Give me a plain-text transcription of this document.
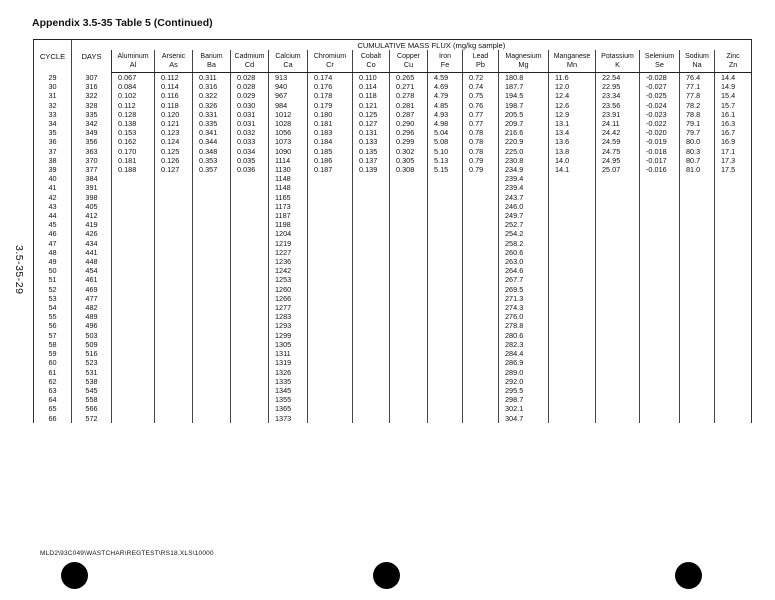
Appendix 3.5-35 Table 5 (Continued)
3.5-35-29

CYCLE	DAYS	CUMULATIVE MASS FLUX (mg/kg sample)															
		Aluminum	Arsenic	Barium	Cadmium	Calcium	Chromium	Cobalt	Copper	Iron	Lead	Magnesium	Manganese	Potassium	Selenium	Sodium	Zinc
		Al	As	Ba	Cd	Ca	Cr	Co	Cu	Fe	Pb	Mg	Mn	K	Se	Na	Zn
29	307	0.067	0.112	0.311	0.028	913	0.174	0.110	0.265	4.59	0.72	180.8	11.6	22.54	-0.028	76.4	14.4
30	316	0.084	0.114	0.316	0.028	940	0.176	0.114	0.271	4.69	0.74	187.7	12.0	22.95	-0.027	77.1	14.9
31	322	0.102	0.116	0.322	0.029	967	0.178	0.118	0.278	4.79	0.75	194.5	12.4	23.34	-0.025	77.8	15.4
32	328	0.112	0.118	0.326	0.030	984	0.179	0.121	0.281	4.85	0.76	198.7	12.6	23.56	-0.024	78.2	15.7
33	335	0.128	0.120	0.331	0.031	1012	0.180	0.125	0.287	4.93	0.77	205.5	12.9	23.91	-0.023	78.8	16.1
34	342	0.138	0.121	0.335	0.031	1028	0.181	0.127	0.290	4.98	0.77	209.7	13.1	24.11	-0.022	79.1	16.3
35	349	0.153	0.123	0.341	0.032	1056	0.183	0.131	0.296	5.04	0.78	216.6	13.4	24.42	-0.020	79.7	16.7
36	356	0.162	0.124	0.344	0.033	1073	0.184	0.133	0.299	5.08	0.78	220.9	13.6	24.59	-0.019	80.0	16.9
37	363	0.170	0.125	0.348	0.034	1090	0.185	0.135	0.302	5.10	0.78	225.0	13.8	24.75	-0.018	80.3	17.1
38	370	0.181	0.126	0.353	0.035	1114	0.186	0.137	0.305	5.13	0.79	230.8	14.0	24.95	-0.017	80.7	17.3
39	377	0.188	0.127	0.357	0.036	1130	0.187	0.139	0.308	5.15	0.79	234.9	14.1	25.07	-0.016	81.0	17.5
40	384					1148						239.4					
41	391					1148						239.4					
42	398					1165						243.7					
43	405					1173						246.0					
44	412					1187						249.7					
45	419					1198						252.7					
46	426					1204						254.2					
47	434					1219						258.2					
48	441					1227						260.6					
49	448					1236						263.0					
50	454					1242						264.6					
51	461					1253						267.7					
52	469					1260						269.5					
53	477					1266						271.3					
54	482					1277						274.3					
55	489					1283						276.0					
56	496					1293						278.8					
57	503					1299						280.6					
58	509					1305						282.3					
59	516					1311						284.4					
60	523					1319						286.9					
61	531					1326						289.0					
62	538					1335						292.0					
63	545					1345						295.5					
64	558					1355						298.7					
65	566					1365						302.1					
66	572					1373						304.7					
MLD2\93C049\WASTCHAR\REGTEST\RS18.XLS\10000
